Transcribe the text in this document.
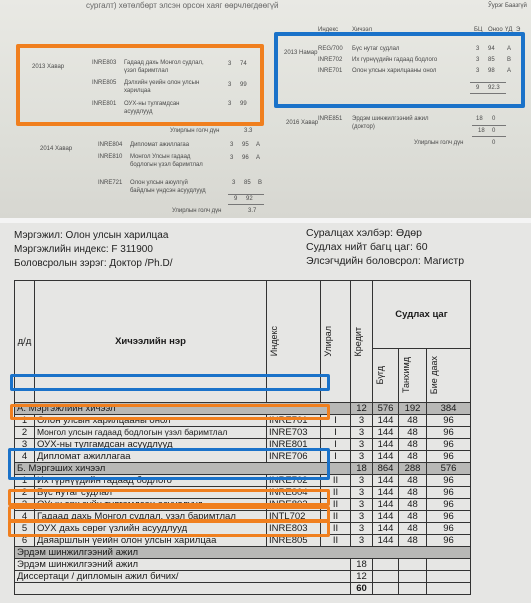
сургалт) хөтөлбөрт элсэн орсон хаяг өөрчлөгдөөгүй	Ўурэг Баазгүй
Индекс Хичээл	БЦ Оноо ҮД Э
2013 Хавар
INRE803 Гадаад дахь Монгол судлал,
үзэл баримтлал
3 74
INRE805 Дэлхийн үеийн олон улсын
харилцаа
3 99
INRE801 ОУХ-ны тулгамдсан
асуудлууд
3 99
Улирлын голч дүн	3.3
2014 Хавар
INRE804 Дипломат ажиллагаа	3 95 A
INRE810 Монгол Улсын гадаад
бодлогын үзэл баримтлал
3 96 A
INRE721 Олон улсын аюулгүй
байдлын үндсэн асуудлууд
3 85 B
9 92
Улирлын голч дүн	3.7
2013 Намар
REG/700 Бүс нутаг судлал	3 94 A
INRE702 Их гүрнүүдийн гадаад бодлого	3 85 B
INRE701 Олон улсын харилцааны онол	3 98 A
9 92.3
2016 Хавар
INRE851 Эрдэм шинжилгээний ажил
(доктор)
18 0
18 0
Улирлын голч дүн	0
Мэргэжил: Олон улсын харилцаа
Мэргэжлийн индекс: F 311900
Боловсролын зэрэг: Доктор /Ph.D/
Суралцах хэлбэр: Өдөр
Судлах нийт багц цаг: 60
Элсэгчдийн боловсрол: Магистр
д/д	Хичээлийн нэр	Индекс	Улирал	Кредит	Судлах цаг		

					Бүгд	Танхимд	Бие даах

А. Мэргэжлийн хичээл				12	576	192	384
1	Олон улсын харилцааны онол	INRE701	I	3	144	48	96
2	Монгол улсын гадаад бодлогын үзэл баримтлал	INRE703	I	3	144	48	96
3	ОУХ-ны тулгамдсан асуудлууд	INRE801	I	3	144	48	96
4	Дипломат ажиллагаа	INRE706	I	3	144	48	96
Б. Мэргэших хичээл				18	864	288	576
1	Их гүрнүүдийн гадаад бодлого	INRE702	II	3	144	48	96
2	Бүс нутаг судлал	INRE804	II	3	144	48	96
3	ОУын эрх зүйн тулгамдсан асуудлууд	INRE802	II	3	144	48	96
4	Гадаад дахь Монгол судлал, үзэл баримтлал	INTL702	II	3	144	48	96
5	ОУХ дахь сөрөг үзлийн асуудлууд	INRE803	II	3	144	48	96
6	Даяаршлын үеийн олон улсын харилцаа	INRE805	II	3	144	48	96
Эрдэм шинжилгээний ажил							
Эрдэм шинжилгээний ажил				18			
Диссертаци / дипломын ажил бичих/				12			
				60			
